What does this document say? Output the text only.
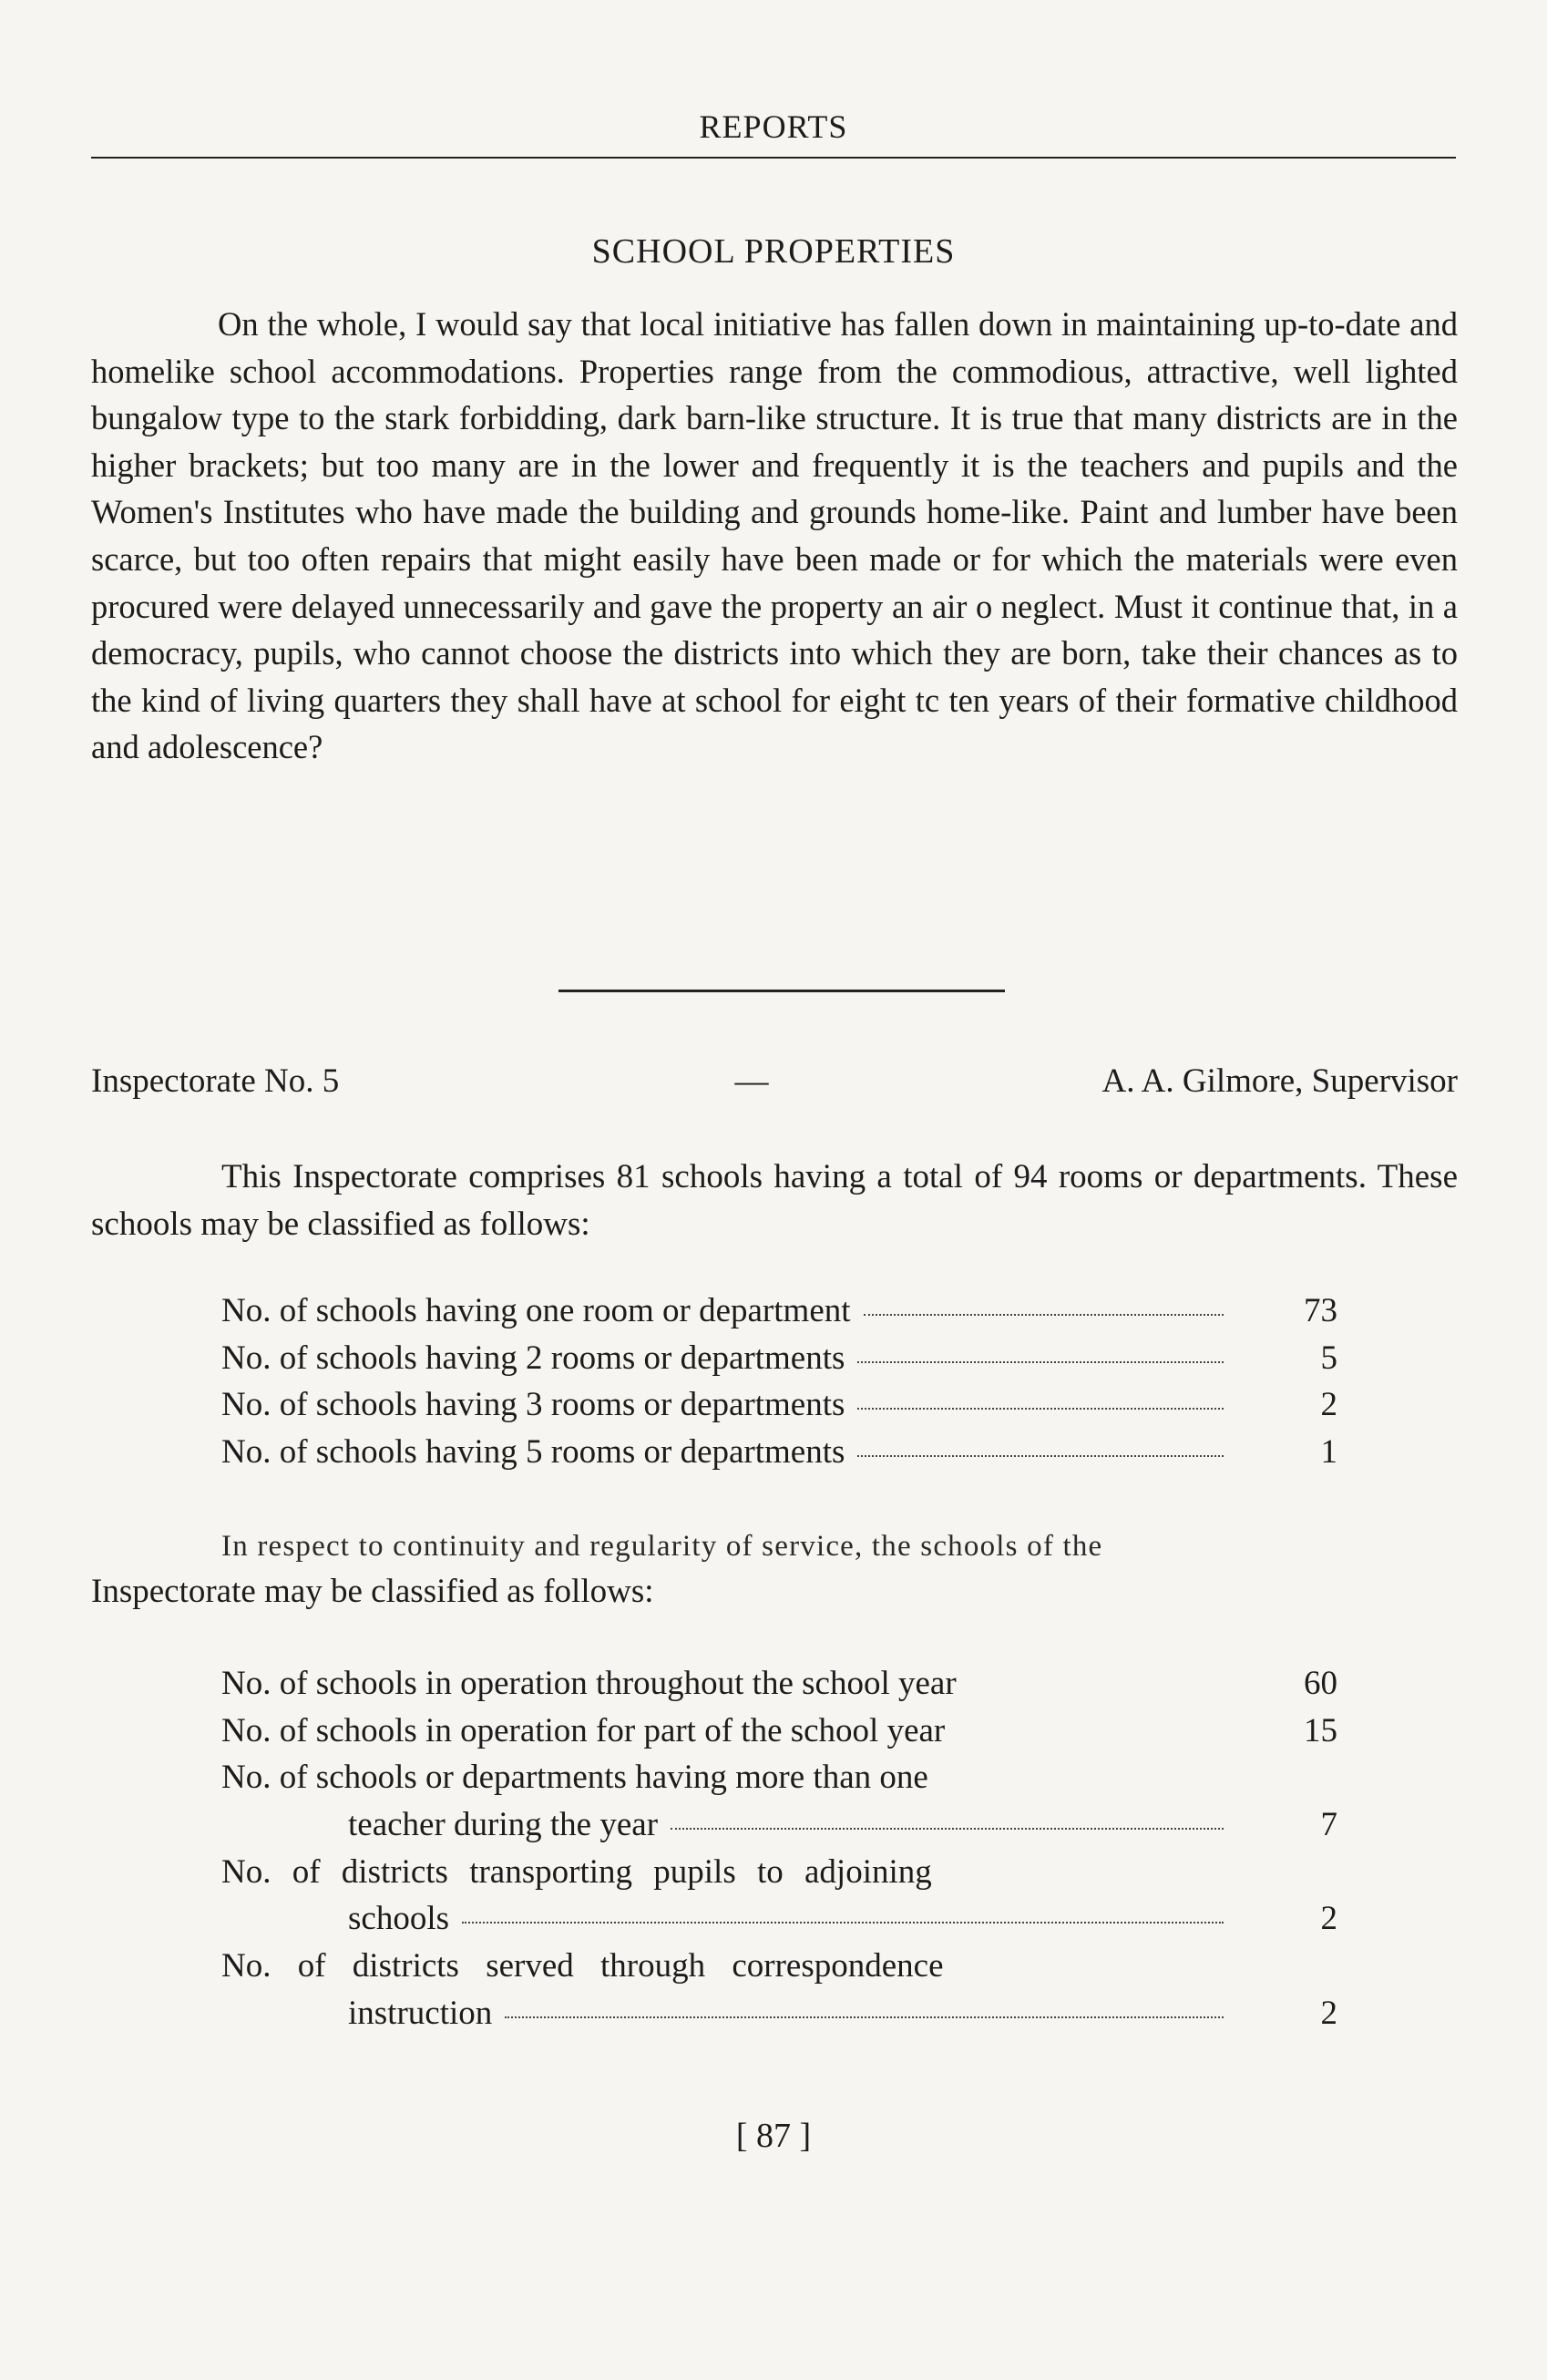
REPORTS
SCHOOL PROPERTIES
On the whole, I would say that local initiative has fallen down in maintaining up-to-date and homelike school accommodations. Properties range from the commodious, attractive, well lighted bungalow type to the stark forbidding, dark barn-like structure. It is true that many districts are in the higher brackets; but too many are in the lower and frequently it is the teachers and pupils and the Women's Institutes who have made the building and grounds home-like. Paint and lumber have been scarce, but too often repairs that might easily have been made or for which the materials were even procured were delayed unnecessarily and gave the property an air o neglect. Must it continue that, in a democracy, pupils, who cannot choose the districts into which they are born, take their chances as to the kind of living quarters they shall have at school for eight tc ten years of their formative childhood and adolescence?
Inspectorate No. 5	—	A. A. Gilmore, Supervisor
This Inspectorate comprises 81 schools having a total of 94 rooms or departments. These schools may be classified as follows:
No. of schools having one room or department	73
No. of schools having 2 rooms or departments	5
No. of schools having 3 rooms or departments	2
No. of schools having 5 rooms or departments	1
In respect to continuity and regularity of service, the schools of the
Inspectorate may be classified as follows:
No. of schools in operation throughout the school year	60
No. of schools in operation for part of the school year	15
No. of schools or departments having more than one
teacher during the year	7
No. of districts transporting pupils to adjoining
schools	2
No. of districts served through correspondence
instruction	2
[ 87 ]
